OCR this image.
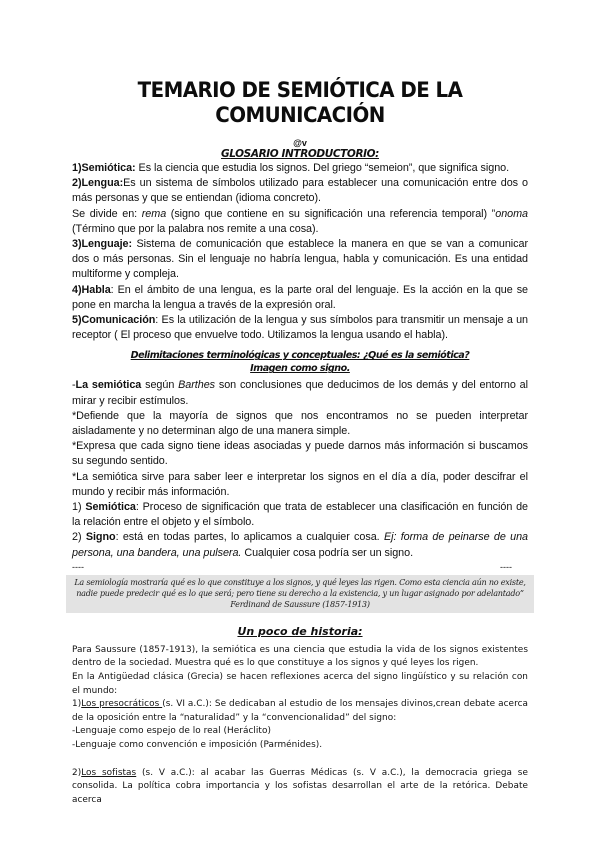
TEMARIO DE SEMIÓTICA DE LA COMUNICACIÓN

@v

GLOSARIO INTRODUCTORIO:

1)Semiótica: Es la ciencia que estudia los signos. Del griego “semeion”, que significa signo.

2)Lengua:Es un sistema de símbolos utilizado para establecer una comunicación entre dos o más personas y que se entiendan (idioma concreto).

Se divide en: rema (signo que contiene en su significación una referencia temporal) ”onoma (Término que por la palabra nos remite a una cosa).

3)Lenguaje: Sistema de comunicación que establece la manera en que se van a comunicar dos o más personas. Sin el lenguaje no habría lengua, habla y comunicación. Es una entidad multiforme y compleja.

4)Habla: En el ámbito de una lengua, es la parte oral del lenguaje. Es la acción en la que se pone en marcha la lengua a través de la expresión oral.

5)Comunicación: Es la utilización de la lengua y sus símbolos para transmitir un mensaje a un receptor ( El proceso que envuelve todo. Utilizamos la lengua usando el habla).

Delimitaciones terminológicas y conceptuales: ¿Qué es la semiótica?

Imagen como signo.

-La semiótica según Barthes son conclusiones que deducimos de los demás y del entorno al mirar y recibir estímulos.

*Defiende que la mayoría de signos que nos encontramos no se pueden interpretar aisladamente y no determinan algo de una manera simple.

*Expresa que cada signo tiene ideas asociadas y puede darnos más información si buscamos su segundo sentido.

*La semiótica sirve para saber leer e interpretar los signos en el día a día, poder descifrar el mundo y recibir más información.

1) Semiótica: Proceso de significación que trata de establecer una clasificación en función de la relación entre el objeto y el símbolo.

2) Signo: está en todas partes, lo aplicamos a cualquier cosa. Ej: forma de peinarse de una persona, una bandera, una pulsera. Cualquier cosa podría ser un signo.

----	----
La semiología mostraría qué es lo que constituye a los signos, y qué leyes las rigen. Como esta ciencia aún no existe, nadie puede predecir qué es lo que será; pero tiene su derecho a la existencia, y un lugar asignado por adelantado” Ferdinand de Saussure (1857-1913)

Un poco de historia:

Para Saussure (1857-1913), la semiótica es una ciencia que estudia la vida de los signos existentes dentro de la sociedad. Muestra qué es lo que constituye a los signos y qué leyes los rigen.

En la Antigüedad clásica (Grecia) se hacen reflexiones acerca del signo lingüístico y su relación con el mundo:

1)Los presocráticos (s. VI a.C.): Se dedicaban al estudio de los mensajes divinos,crean debate acerca de la oposición entre la “naturalidad” y la “convencionalidad” del signo:

-Lenguaje como espejo de lo real (Heráclito)

-Lenguaje como convención e imposición (Parménides).

2)Los sofistas (s. V a.C.): al acabar las Guerras Médicas (s. V a.C.), la democracia griega se consolida. La política cobra importancia y los sofistas desarrollan el arte de la retórica. Debate acerca
